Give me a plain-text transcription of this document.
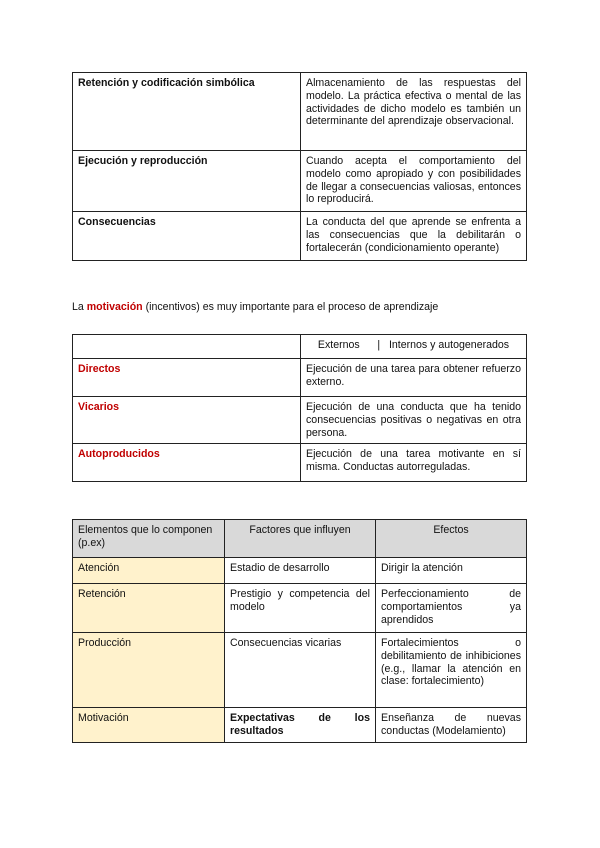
Retención y codificación simbólica	Almacenamiento de las respuestas del modelo. La práctica efectiva o mental de las actividades de dicho modelo es también un determinante del aprendizaje observacional.
Ejecución y reproducción	Cuando acepta el comportamiento del modelo como apropiado y con posibilidades de llegar a consecuencias valiosas, entonces lo reproducirá.
Consecuencias	La conducta del que aprende se enfrenta a las consecuencias que la debilitarán o fortalecerán (condicionamiento operante)

La motivación (incentivos) es muy importante para el proceso de aprendizaje

	Externos      |   Internos y autogenerados
Directos	Ejecución de una tarea para obtener refuerzo externo.
Vicarios	Ejecución de una conducta que ha tenido consecuencias positivas o negativas en otra persona.
Autoproducidos	Ejecución de una tarea motivante en sí misma. Conductas autorreguladas.
Elementos que lo componen (p.ex)	Factores que influyen	Efectos
Atención	Estadio de desarrollo	Dirigir la atención
Retención	Prestigio y competencia del modelo	Perfeccionamiento de comportamientos ya aprendidos
Producción	Consecuencias vicarias	Fortalecimientos o debilitamiento de inhibiciones (e.g., llamar la atención en clase: fortalecimiento)
Motivación	Expectativas de los resultados	Enseñanza de nuevas conductas (Modelamiento)
